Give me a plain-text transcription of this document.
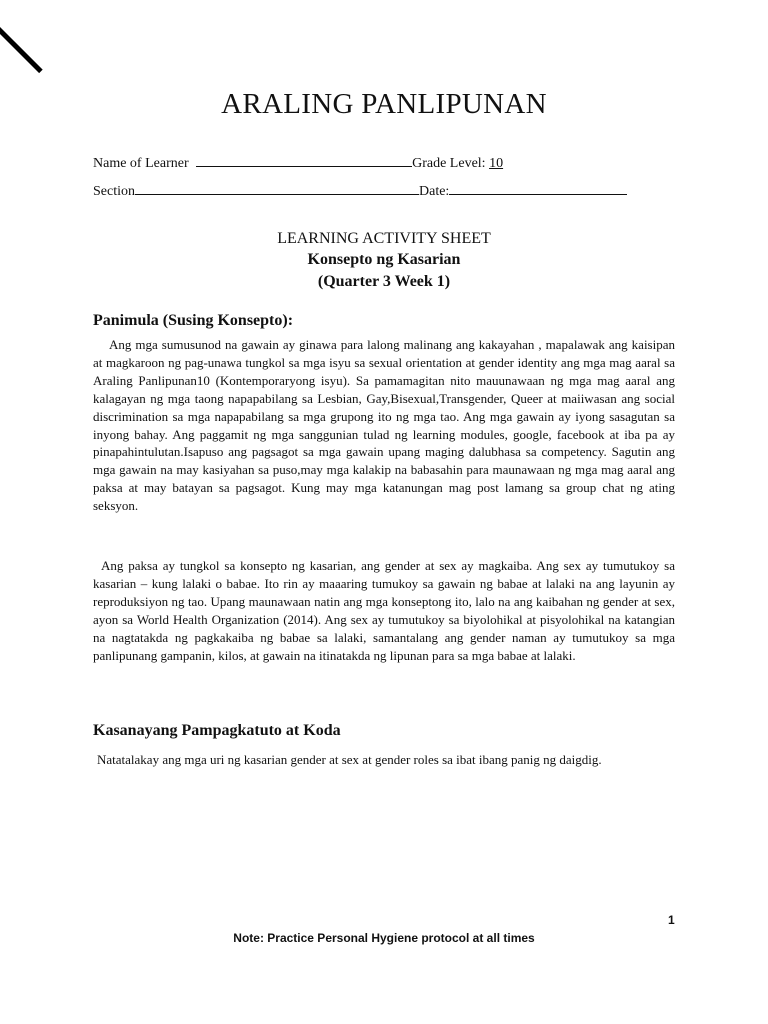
ARALING PANLIPUNAN
Name of Learner	Grade Level: 10
Section	Date:
LEARNING ACTIVITY SHEET
Konsepto ng Kasarian
(Quarter 3 Week 1)
Panimula (Susing Konsepto):
Ang mga sumusunod na gawain ay ginawa para lalong malinang ang kakayahan , mapalawak ang kaisipan at magkaroon ng pag-unawa tungkol sa mga isyu sa sexual orientation at gender identity ang mga mag aaral sa Araling Panlipunan10 (Kontemporaryong isyu). Sa pamamagitan nito mauunawaan ng mga mag aaral ang kalagayan ng mga taong napapabilang sa Lesbian, Gay,Bisexual,Transgender, Queer at maiiwasan ang social discrimination sa mga napapabilang sa mga grupong ito ng mga tao. Ang mga gawain ay iyong sasagutan sa inyong bahay. Ang paggamit ng mga sanggunian tulad ng learning modules, google, facebook at iba pa ay pinapahintulutan.Isapuso ang pagsagot sa mga gawain upang maging dalubhasa sa competency. Sagutin ang mga gawain na may kasiyahan sa puso,may mga kalakip na babasahin para maunawaan ng mga mag aaral ang paksa at may batayan sa pagsagot. Kung may mga katanungan mag post lamang sa group chat ng ating seksyon.
Ang paksa ay tungkol sa konsepto ng kasarian, ang gender at sex ay magkaiba. Ang sex ay tumutukoy sa kasarian – kung lalaki o babae. Ito rin ay maaaring tumukoy sa gawain ng babae at lalaki na ang layunin ay reproduksiyon ng tao. Upang maunawaan natin ang mga konseptong ito, lalo na ang kaibahan ng gender at sex, ayon sa World Health Organization (2014). Ang sex ay tumutukoy sa biyolohikal at pisyolohikal na katangian na nagtatakda ng pagkakaiba ng babae sa lalaki, samantalang ang gender naman ay tumutukoy sa mga panlipunang gampanin, kilos, at gawain na itinatakda ng lipunan para sa mga babae at lalaki.
Kasanayang Pampagkatuto at Koda
Natatalakay ang mga uri ng kasarian gender at sex at gender roles sa ibat ibang panig ng daigdig.
1
Note: Practice Personal Hygiene protocol at all times
